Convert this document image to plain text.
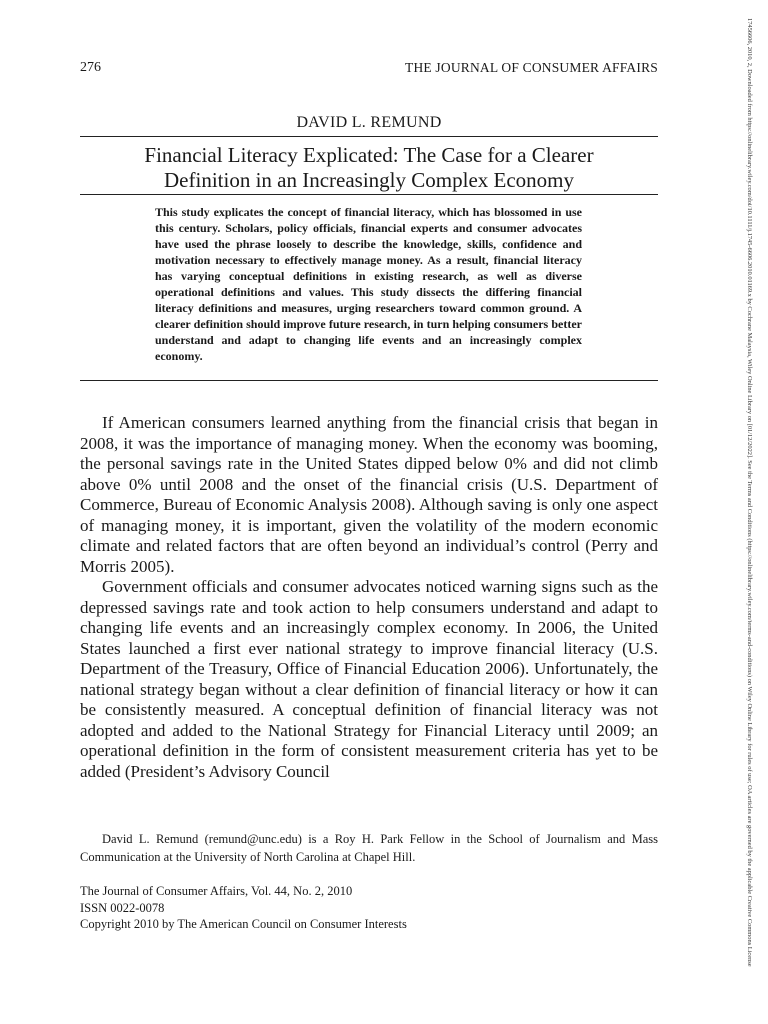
276	THE JOURNAL OF CONSUMER AFFAIRS
DAVID L. REMUND
Financial Literacy Explicated: The Case for a Clearer
Definition in an Increasingly Complex Economy
This study explicates the concept of financial literacy, which has blossomed in use this century. Scholars, policy officials, financial experts and consumer advocates have used the phrase loosely to describe the knowledge, skills, confidence and motivation necessary to effectively manage money. As a result, financial literacy has varying conceptual definitions in existing research, as well as diverse operational definitions and values. This study dissects the differing financial literacy definitions and measures, urging researchers toward common ground. A clearer definition should improve future research, in turn helping consumers better understand and adapt to changing life events and an increasingly complex economy.

If American consumers learned anything from the financial crisis that began in 2008, it was the importance of managing money. When the economy was booming, the personal savings rate in the United States dipped below 0% and did not climb above 0% until 2008 and the onset of the financial crisis (U.S. Department of Commerce, Bureau of Economic Analysis 2008). Although saving is only one aspect of managing money, it is important, given the volatility of the modern economic climate and related factors that are often beyond an individual’s control (Perry and Morris 2005).

Government officials and consumer advocates noticed warning signs such as the depressed savings rate and took action to help consumers understand and adapt to changing life events and an increasingly complex economy. In 2006, the United States launched a first ever national strategy to improve financial literacy (U.S. Department of the Treasury, Office of Financial Education 2006). Unfortunately, the national strategy began without a clear definition of financial literacy or how it can be consistently measured. A conceptual definition of financial literacy was not adopted and added to the National Strategy for Financial Literacy until 2009; an operational definition in the form of consistent measurement criteria has yet to be added (President’s Advisory Council

David L. Remund (remund@unc.edu) is a Roy H. Park Fellow in the School of Journalism and Mass Communication at the University of North Carolina at Chapel Hill.
The Journal of Consumer Affairs, Vol. 44, No. 2, 2010
ISSN 0022-0078
Copyright 2010 by The American Council on Consumer Interests	17456606, 2010, 2, Downloaded from https://onlinelibrary.wiley.com/doi/10.1111/j.1745-6606.2010.01169.x by Cochrane Malaysia, Wiley Online Library on [01/12/2022]. See the Terms and Conditions (https://onlinelibrary.wiley.com/terms-and-conditions) on Wiley Online Library for rules of use; OA articles are governed by the applicable Creative Commons License
